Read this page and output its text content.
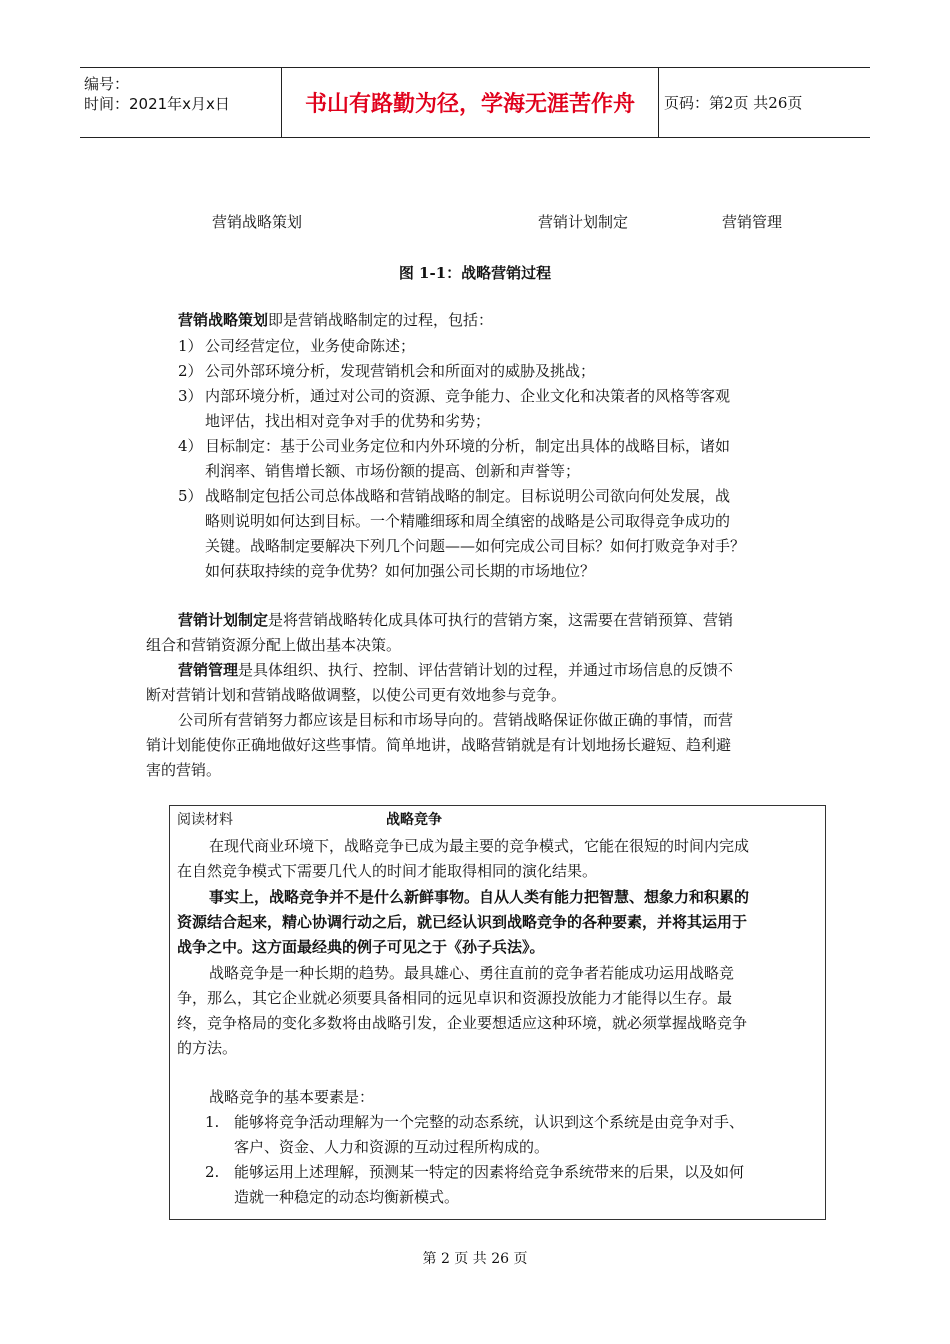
编号：
时间：2021年x月x日	书山有路勤为径，学海无涯苦作舟	页码：第2页 共26页
营销战略策划	营销计划制定	营销管理
图 1-1：战略营销过程
营销战略策划即是营销战略制定的过程，包括：
1） 公司经营定位，业务使命陈述；
2） 公司外部环境分析，发现营销机会和所面对的威胁及挑战；
3） 内部环境分析，通过对公司的资源、竞争能力、企业文化和决策者的风格等客观
地评估，找出相对竞争对手的优势和劣势；
4） 目标制定：基于公司业务定位和内外环境的分析，制定出具体的战略目标，诸如
利润率、销售增长额、市场份额的提高、创新和声誉等；
5） 战略制定包括公司总体战略和营销战略的制定。目标说明公司欲向何处发展，战
略则说明如何达到目标。一个精雕细琢和周全缜密的战略是公司取得竞争成功的
关键。战略制定要解决下列几个问题——如何完成公司目标？如何打败竞争对手？
如何获取持续的竞争优势？如何加强公司长期的市场地位？
营销计划制定是将营销战略转化成具体可执行的营销方案，这需要在营销预算、营销
组合和营销资源分配上做出基本决策。
营销管理是具体组织、执行、控制、评估营销计划的过程，并通过市场信息的反馈不
断对营销计划和营销战略做调整，以使公司更有效地参与竞争。
公司所有营销努力都应该是目标和市场导向的。营销战略保证你做正确的事情，而营
销计划能使你正确地做好这些事情。简单地讲，战略营销就是有计划地扬长避短、趋利避
害的营销。
阅读材料	战略竞争
在现代商业环境下，战略竞争已成为最主要的竞争模式，它能在很短的时间内完成
在自然竞争模式下需要几代人的时间才能取得相同的演化结果。
事实上，战略竞争并不是什么新鲜事物。自从人类有能力把智慧、想象力和积累的
资源结合起来，精心协调行动之后，就已经认识到战略竞争的各种要素，并将其运用于
战争之中。这方面最经典的例子可见之于《孙子兵法》。
战略竞争是一种长期的趋势。最具雄心、勇往直前的竞争者若能成功运用战略竞
争，那么，其它企业就必须要具备相同的远见卓识和资源投放能力才能得以生存。最
终，竞争格局的变化多数将由战略引发，企业要想适应这种环境，就必须掌握战略竞争
的方法。
战略竞争的基本要素是：
1. 能够将竞争活动理解为一个完整的动态系统，认识到这个系统是由竞争对手、
客户、资金、人力和资源的互动过程所构成的。
2. 能够运用上述理解，预测某一特定的因素将给竞争系统带来的后果，以及如何
造就一种稳定的动态均衡新模式。
第 2 页 共 26 页
